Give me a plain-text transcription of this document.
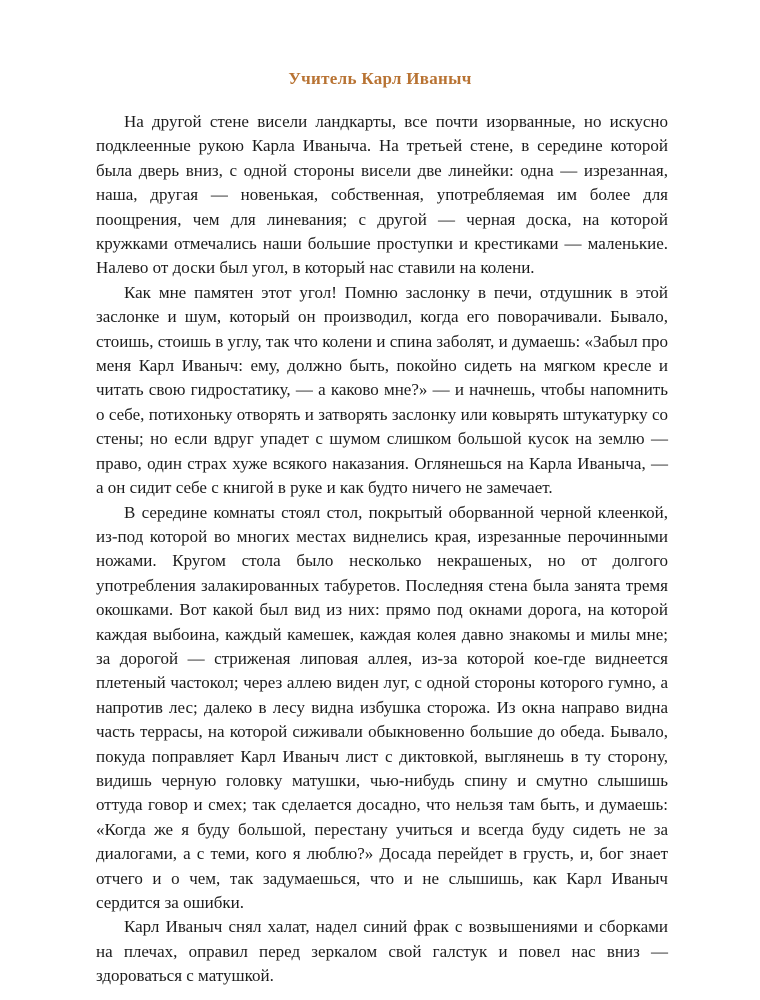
Учитель Карл Иваныч

На другой стене висели ландкарты, все почти изорванные, но искусно подклеенные рукою Карла Иваныча. На третьей стене, в середине которой была дверь вниз, с одной стороны висели две линейки: одна — изрезанная, наша, другая — новенькая, собственная, употребляемая им более для поощрения, чем для линевания; с другой — черная доска, на которой кружками отмечались наши большие проступки и крестиками — маленькие. Налево от доски был угол, в который нас ставили на колени.

Как мне памятен этот угол! Помню заслонку в печи, отдушник в этой заслонке и шум, который он производил, когда его поворачивали. Бывало, стоишь, стоишь в углу, так что колени и спина заболят, и думаешь: «Забыл про меня Карл Иваныч: ему, должно быть, покойно сидеть на мягком кресле и читать свою гидростатику, — а каково мне?» — и начнешь, чтобы напомнить о себе, потихоньку отворять и затворять заслонку или ковырять штукатурку со стены; но если вдруг упадет с шумом слишком большой кусок на землю — право, один страх хуже всякого наказания. Оглянешься на Карла Иваныча, — а он сидит себе с книгой в руке и как будто ничего не замечает.

В середине комнаты стоял стол, покрытый оборванной черной клеенкой, из-под которой во многих местах виднелись края, изрезанные перочинными ножами. Кругом стола было несколько некрашеных, но от долгого употребления залакированных табуретов. Последняя стена была занята тремя окошками. Вот какой был вид из них: прямо под окнами дорога, на которой каждая выбоина, каждый камешек, каждая колея давно знакомы и милы мне; за дорогой — стриженая липовая аллея, из-за которой кое-где виднеется плетеный частокол; через аллею виден луг, с одной стороны которого гумно, а напротив лес; далеко в лесу видна избушка сторожа. Из окна направо видна часть террасы, на которой сиживали обыкновенно большие до обеда. Бывало, покуда поправляет Карл Иваныч лист с диктовкой, выглянешь в ту сторону, видишь черную головку матушки, чью-нибудь спину и смутно слышишь оттуда говор и смех; так сделается досадно, что нельзя там быть, и думаешь: «Когда же я буду большой, перестану учиться и всегда буду сидеть не за диалогами, а с теми, кого я люблю?» Досада перейдет в грусть, и, бог знает отчего и о чем, так задумаешься, что и не слышишь, как Карл Иваныч сердится за ошибки.

Карл Иваныч снял халат, надел синий фрак с возвышениями и сборками на плечах, оправил перед зеркалом свой галстук и повел нас вниз — здороваться с матушкой.
